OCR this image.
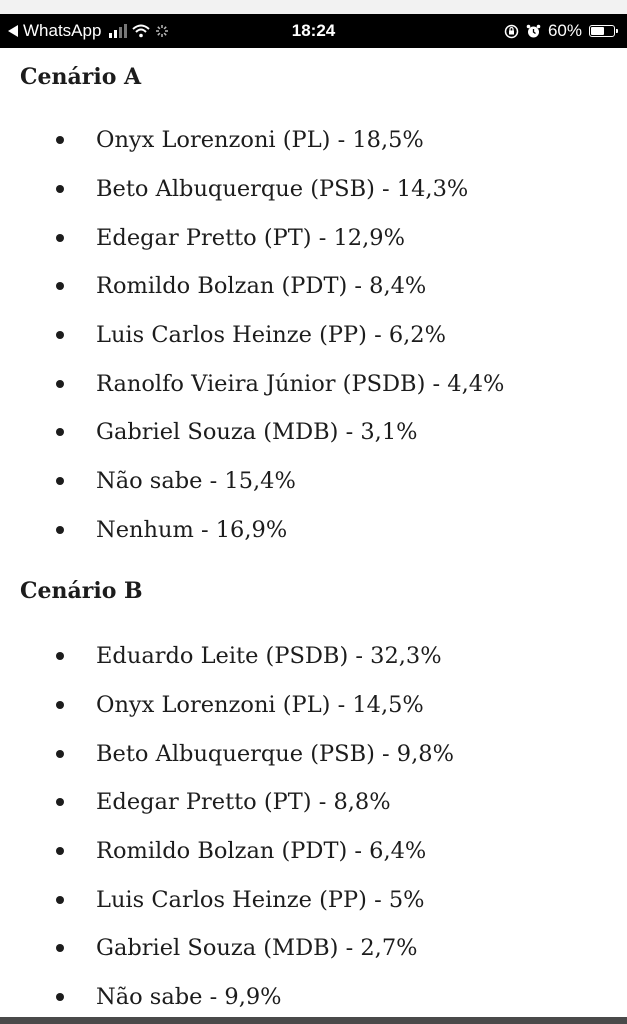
WhatsApp	18:24	60%
Cenário A
Onyx Lorenzoni (PL) - 18,5%
Beto Albuquerque (PSB) - 14,3%
Edegar Pretto (PT) - 12,9%
Romildo Bolzan (PDT) - 8,4%
Luis Carlos Heinze (PP) - 6,2%
Ranolfo Vieira Júnior (PSDB) - 4,4%
Gabriel Souza (MDB) - 3,1%
Não sabe - 15,4%
Nenhum - 16,9%
Cenário B
Eduardo Leite (PSDB) - 32,3%
Onyx Lorenzoni (PL) - 14,5%
Beto Albuquerque (PSB) - 9,8%
Edegar Pretto (PT) - 8,8%
Romildo Bolzan (PDT) - 6,4%
Luis Carlos Heinze (PP) - 5%
Gabriel Souza (MDB) - 2,7%
Não sabe - 9,9%
